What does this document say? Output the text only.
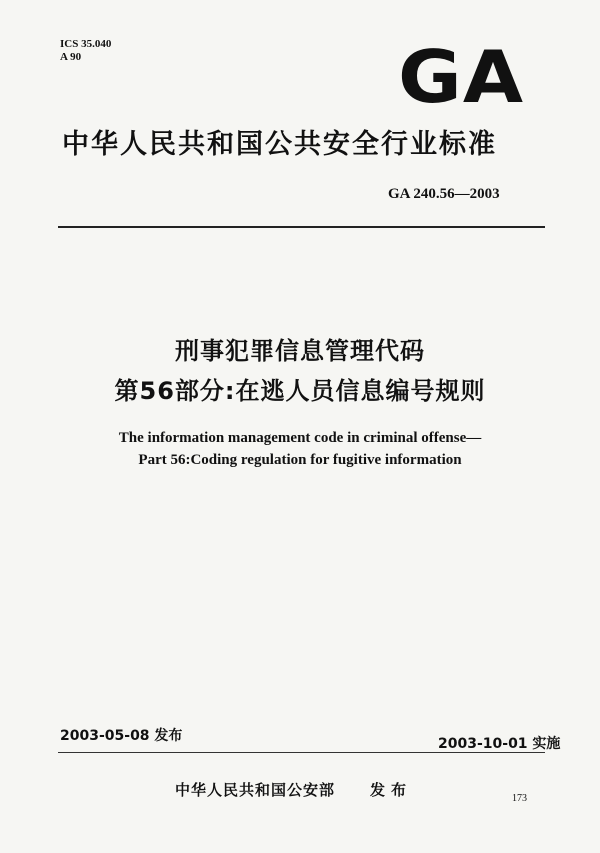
ICS 35.040
A 90	GA
中华人民共和国公共安全行业标准
GA 240.56—2003
刑事犯罪信息管理代码
第56部分:在逃人员信息编号规则
The information management code in criminal offense—
Part 56:Coding regulation for fugitive information
2003-05-08 发布	2003-10-01 实施
中华人民共和国公安部 发布	173
